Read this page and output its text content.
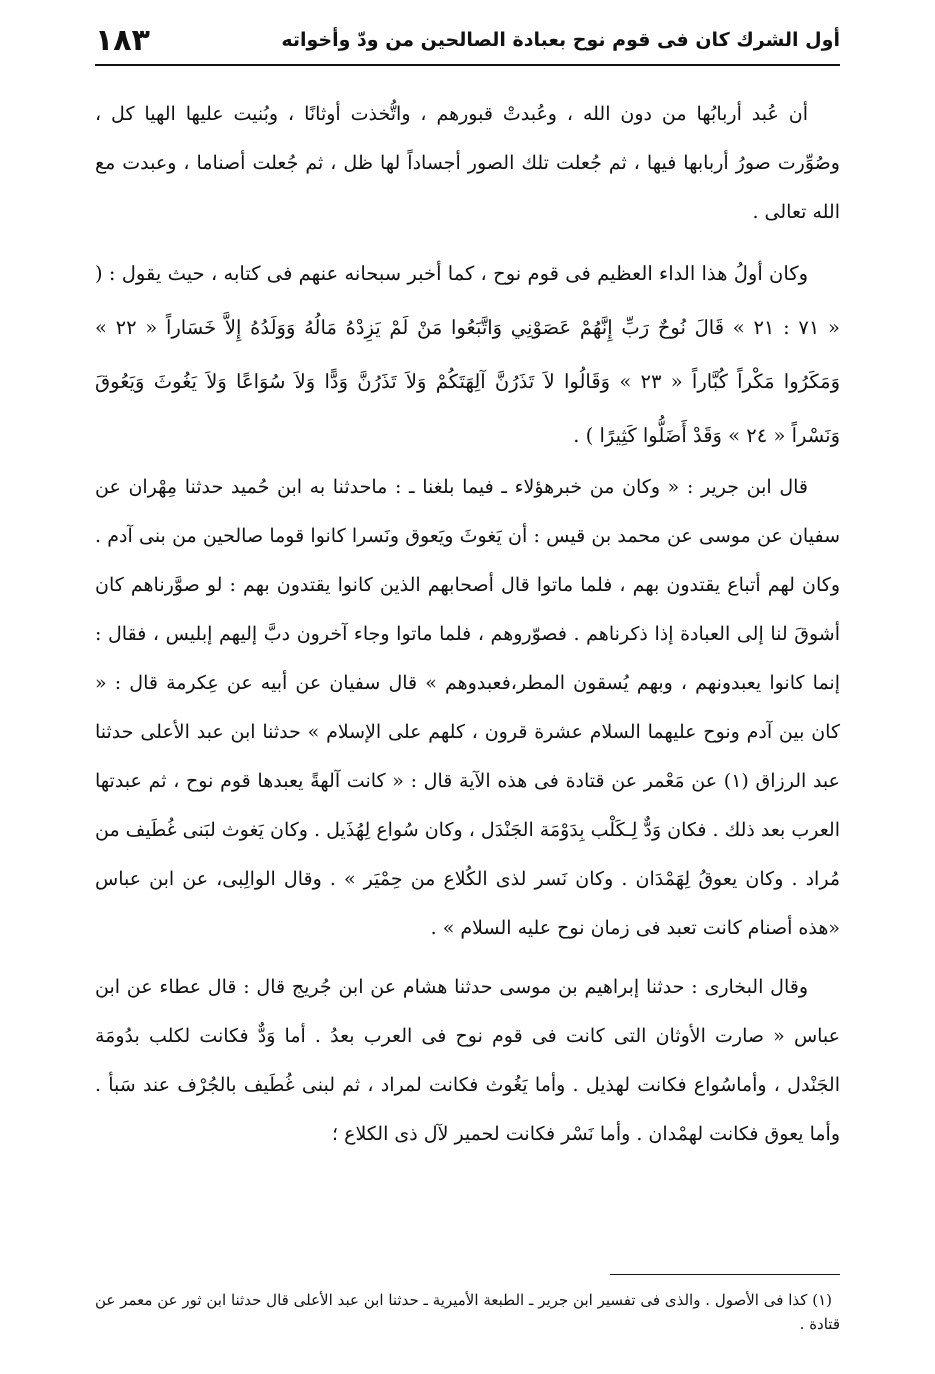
أول الشرك كان فى قوم نوح بعبادة الصالحين من ودّ وأخواته
١٨٣

أن عُبد أربابُها من دون الله ، وعُبدتْ قبورهم ، واتُّخذت أوثانًا ، وبُنيت عليها الهيا كل ، وصُوِّرت صورُ أربابها فيها ، ثم جُعلت تلك الصور أجساداً لها ظل ، ثم جُعلت أصناما ، وعبدت مع الله تعالى .

وكان أولُ هذا الداء العظيم فى قوم نوح ، كما أخبر سبحانه عنهم فى كتابه ، حيث يقول : ( « ٧١ : ٢١ » قَالَ نُوحٌ رَبِّ إِنَّهُمْ عَصَوْنِي وَاتَّبَعُوا مَنْ لَمْ يَزِدْهُ مَالُهُ وَوَلَدُهُ إِلاَّ خَسَاراً « ٢٢ » وَمَكَرُوا مَكْراً كُبَّاراً « ٢٣ » وَقَالُوا لاَ تَذَرُنَّ آلِهَتَكُمْ وَلاَ تَذَرُنَّ وَدًّا وَلاَ سُوَاعًا وَلاَ يَغُوثَ وَيَعُوقَ وَنَسْراً « ٢٤ » وَقَدْ أَضَلُّوا كَثِيرًا ) .

قال ابن جرير : « وكان من خبرهؤلاء ـ فيما بلغنا ـ : ماحدثنا به ابن حُميد حدثنا مِهْران عن سفيان عن موسى عن محمد بن قيس : أن يَغوثَ ويَعوق ونَسرا كانوا قوما صالحين من بنى آدم . وكان لهم أتباع يقتدون بهم ، فلما ماتوا قال أصحابهم الذين كانوا يقتدون بهم : لو صوَّرناهم كان أشوقَ لنا إلى العبادة إذا ذكرناهم . فصوّروهم ، فلما ماتوا وجاء آخرون دبَّ إليهم إبليس ، فقال : إنما كانوا يعبدونهم ، وبهم يُسقون المطر،فعبدوهم » قال سفيان عن أبيه عن عِكرمة قال : « كان بين آدم ونوح عليهما السلام عشرة قرون ، كلهم على الإسلام » حدثنا ابن عبد الأعلى حدثنا عبد الرزاق (١) عن مَعْمر عن قتادة فى هذه الآية قال : « كانت آلهةً يعبدها قوم نوح ، ثم عبدتها العرب بعد ذلك . فكان وَدٌّ لِـكَلْب بِدَوْمَة الجَنْدَل ، وكان سُواع لِهُذَيل . وكان يَغوث لبَنى غُطَيف من مُراد . وكان يعوقُ لِهَمْدَان . وكان نَسر لذى الكُلاع من حِمْيَر » . وقال الوالِبى، عن ابن عباس «هذه أصنام كانت تعبد فى زمان نوح عليه السلام » .

وقال البخارى : حدثنا إبراهيم بن موسى حدثنا هشام عن ابن جُريج قال : قال عطاء عن ابن عباس « صارت الأوثان التى كانت فى قوم نوح فى العرب بعدُ . أما وَدٌّ فكانت لكلب بدُومَة الجَنْدل ، وأماسُواع فكانت لهذيل . وأما يَغُوث فكانت لمراد ، ثم لبنى غُطَيف بالجُرْف عند سَبأ . وأما يعوق فكانت لهمْدان . وأما نَسْر فكانت لحمير لآل ذى الكلاع ؛

(١) كذا فى الأصول . والذى فى تفسير ابن جرير ـ الطبعة الأميرية ـ حدثنا ابن عبد الأعلى قال حدثنا ابن ثور عن معمر عن قتادة .
